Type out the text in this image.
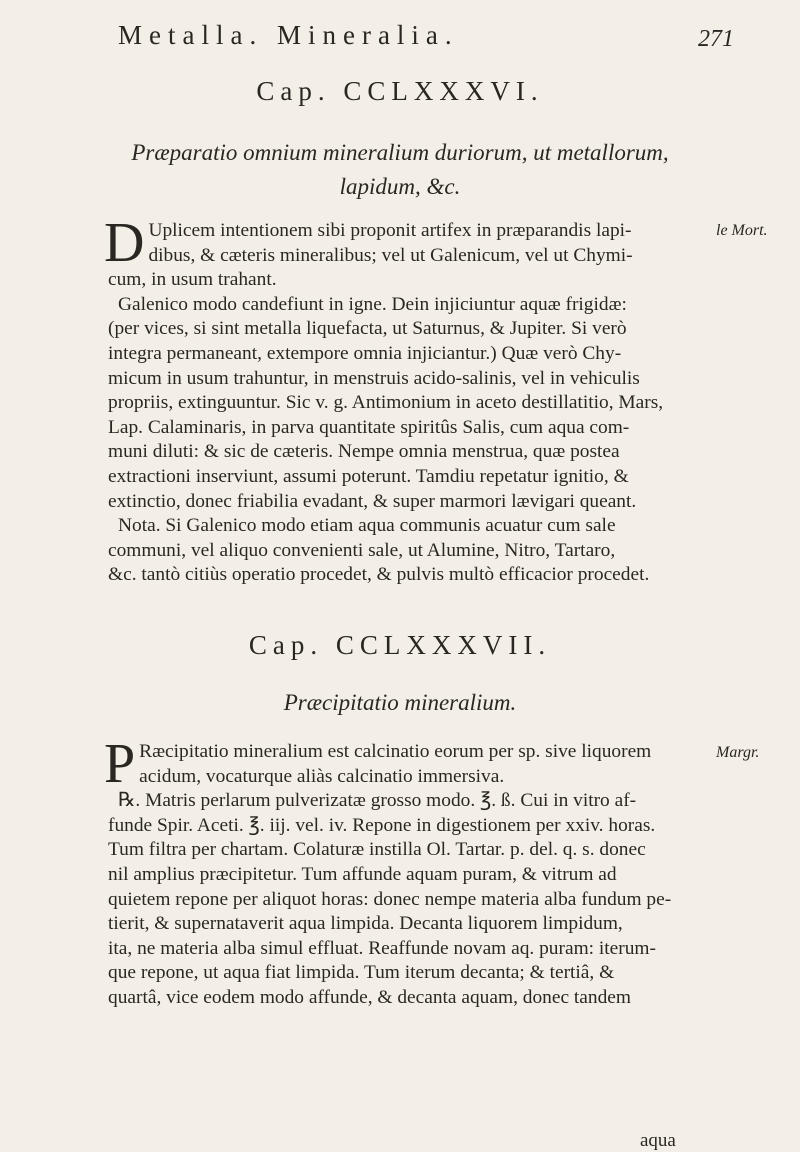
Metalla. Mineralia.	271
Cap. CCLXXXVI.
Præparatio omnium mineralium duriorum, ut metallorum,
lapidum, &c.
le Mort.
D Uplicem intentionem sibi proponit artifex in præparandis lapi-
dibus, & cæteris mineralibus; vel ut Galenicum, vel ut Chymi-
cum, in usum trahant.
Galenico modo candefiunt in igne. Dein injiciuntur aquæ frigidæ:
(per vices, si sint metalla liquefacta, ut Saturnus, & Jupiter. Si verò
integra permaneant, extempore omnia injiciantur.) Quæ verò Chy-
micum in usum trahuntur, in menstruis acido-salinis, vel in vehiculis
propriis, extinguuntur. Sic v. g. Antimonium in aceto destillatitio, Mars,
Lap. Calaminaris, in parva quantitate spiritûs Salis, cum aqua com-
muni diluti: & sic de cæteris. Nempe omnia menstrua, quæ postea
extractioni inserviunt, assumi poterunt. Tamdiu repetatur ignitio, &
extinctio, donec friabilia evadant, & super marmori lævigari queant.
Nota. Si Galenico modo etiam aqua communis acuatur cum sale
communi, vel aliquo convenienti sale, ut Alumine, Nitro, Tartaro,
&c. tantò citiùs operatio procedet, & pulvis multò efficacior procedet.
Cap. CCLXXXVII.
Præcipitatio mineralium.
Margr.
P Ræcipitatio mineralium est calcinatio eorum per sp. sive liquorem
acidum, vocaturque aliàs calcinatio immersiva.
℞. Matris perlarum pulverizatæ grosso modo. ℥. ß. Cui in vitro af-
funde Spir. Aceti. ℥. iij. vel. iv. Repone in digestionem per xxiv. horas.
Tum filtra per chartam. Colaturæ instilla Ol. Tartar. p. del. q. s. donec
nil amplius præcipitetur. Tum affunde aquam puram, & vitrum ad
quietem repone per aliquot horas: donec nempe materia alba fundum pe-
tierit, & supernataverit aqua limpida. Decanta liquorem limpidum,
ita, ne materia alba simul effluat. Reaffunde novam aq. puram: iterum-
que repone, ut aqua fiat limpida. Tum iterum decanta; & tertiâ, &
quartâ, vice eodem modo affunde, & decanta aquam, donec tandem
aqua
